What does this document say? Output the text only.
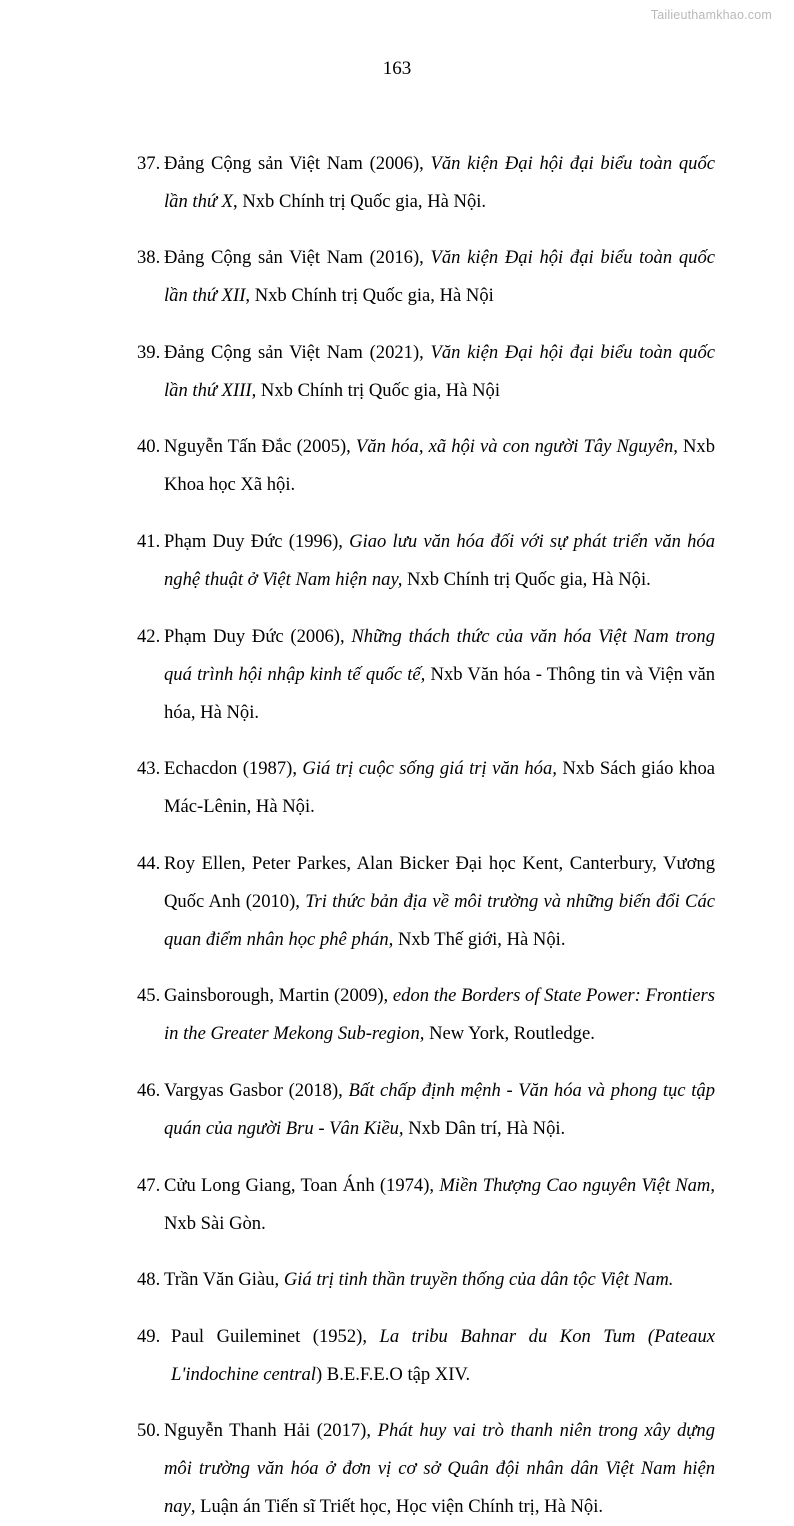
Tailieuthamkhao.com
163

37. Đảng Cộng sản Việt Nam (2006), Văn kiện Đại hội đại biểu toàn quốc lần thứ X, Nxb Chính trị Quốc gia, Hà Nội.

38. Đảng Cộng sản Việt Nam (2016), Văn kiện Đại hội đại biểu toàn quốc lần thứ XII, Nxb Chính trị Quốc gia, Hà Nội

39. Đảng Cộng sản Việt Nam (2021), Văn kiện Đại hội đại biểu toàn quốc lần thứ XIII, Nxb Chính trị Quốc gia, Hà Nội

40. Nguyễn Tấn Đắc (2005), Văn hóa, xã hội và con người Tây Nguyên, Nxb Khoa học Xã hội.

41. Phạm Duy Đức (1996), Giao lưu văn hóa đối với sự phát triển văn hóa nghệ thuật ở Việt Nam hiện nay, Nxb Chính trị Quốc gia, Hà Nội.

42. Phạm Duy Đức (2006), Những thách thức của văn hóa Việt Nam trong quá trình hội nhập kinh tế quốc tế, Nxb Văn hóa - Thông tin và Viện văn hóa, Hà Nội.

43. Echacdon (1987), Giá trị cuộc sống giá trị văn hóa, Nxb Sách giáo khoa Mác-Lênin, Hà Nội.

44. Roy Ellen, Peter Parkes, Alan Bicker Đại học Kent, Canterbury, Vương Quốc Anh (2010), Tri thức bản địa về môi trường và những biến đổi Các quan điểm nhân học phê phán, Nxb Thế giới, Hà Nội.

45. Gainsborough, Martin (2009), edon the Borders of State Power: Frontiers in the Greater Mekong Sub-region, New York, Routledge.

46. Vargyas Gasbor (2018), Bất chấp định mệnh - Văn hóa và phong tục tập quán của người Bru - Vân Kiều, Nxb Dân trí, Hà Nội.

47. Cửu Long Giang, Toan Ánh (1974), Miền Thượng Cao nguyên Việt Nam, Nxb Sài Gòn.

48. Trần Văn Giàu, Giá trị tinh thần truyền thống của dân tộc Việt Nam.

49. Paul Guileminet (1952), La tribu Bahnar du Kon Tum (Pateaux L'indochine central) B.E.F.E.O tập XIV.

50. Nguyễn Thanh Hải (2017), Phát huy vai trò thanh niên trong xây dựng môi trường văn hóa ở đơn vị cơ sở Quân đội nhân dân Việt Nam hiện nay, Luận án Tiến sĩ Triết học, Học viện Chính trị, Hà Nội.
